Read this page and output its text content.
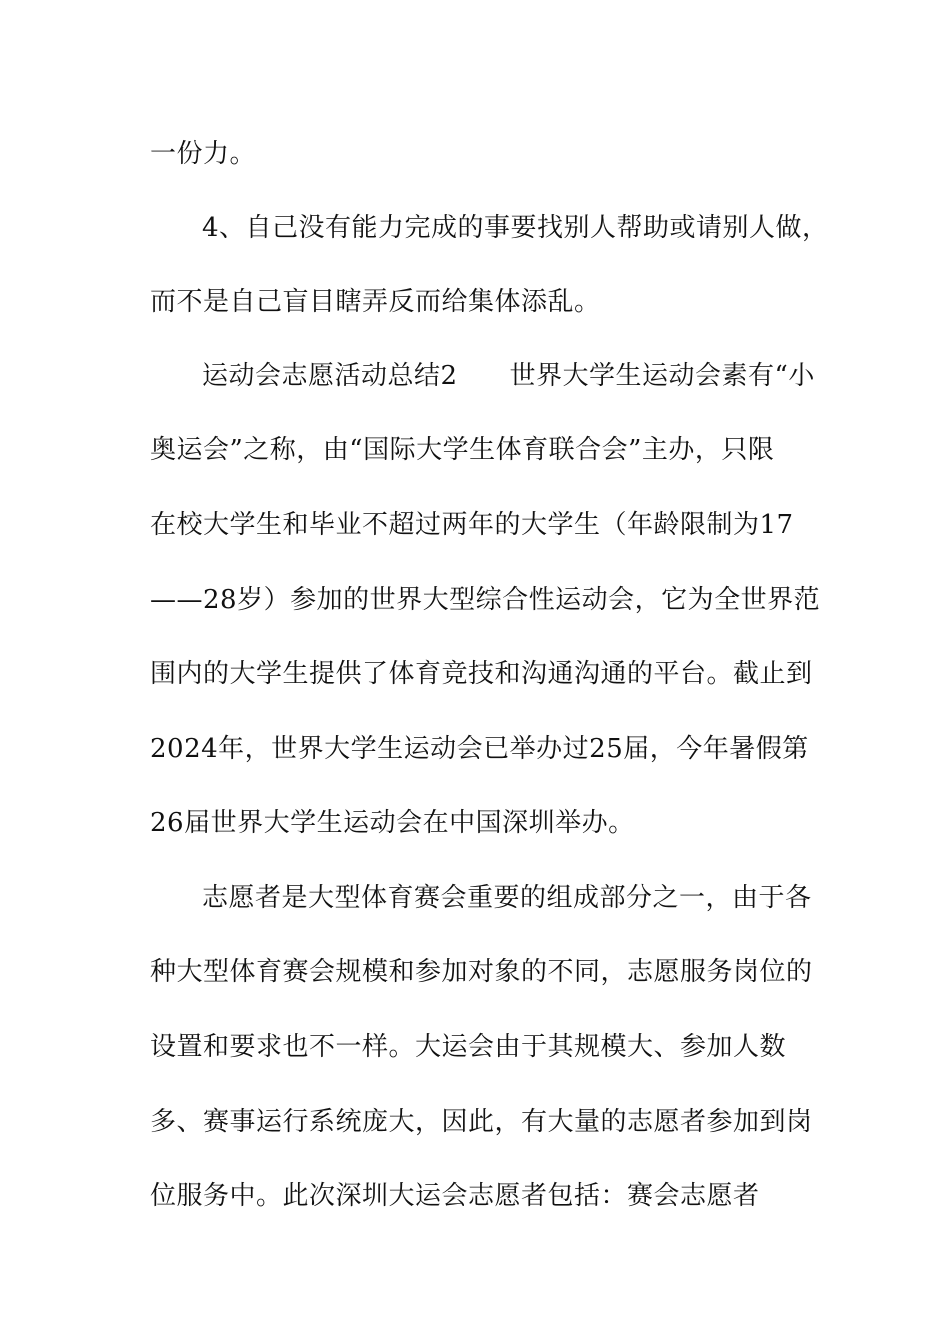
一份力。
4、自己没有能力完成的事要找别人帮助或请别人做，
而不是自己盲目瞎弄反而给集体添乱。
运动会志愿活动总结2 世界大学生运动会素有“小
奥运会”之称，由“国际大学生体育联合会”主办，只限
在校大学生和毕业不超过两年的大学生（年龄限制为17
——28岁）参加的世界大型综合性运动会，它为全世界范
围内的大学生提供了体育竞技和沟通沟通的平台。截止到
2024年，世界大学生运动会已举办过25届，今年暑假第
26届世界大学生运动会在中国深圳举办。
志愿者是大型体育赛会重要的组成部分之一，由于各
种大型体育赛会规模和参加对象的不同，志愿服务岗位的
设置和要求也不一样。大运会由于其规模大、参加人数
多、赛事运行系统庞大，因此，有大量的志愿者参加到岗
位服务中。此次深圳大运会志愿者包括：赛会志愿者
